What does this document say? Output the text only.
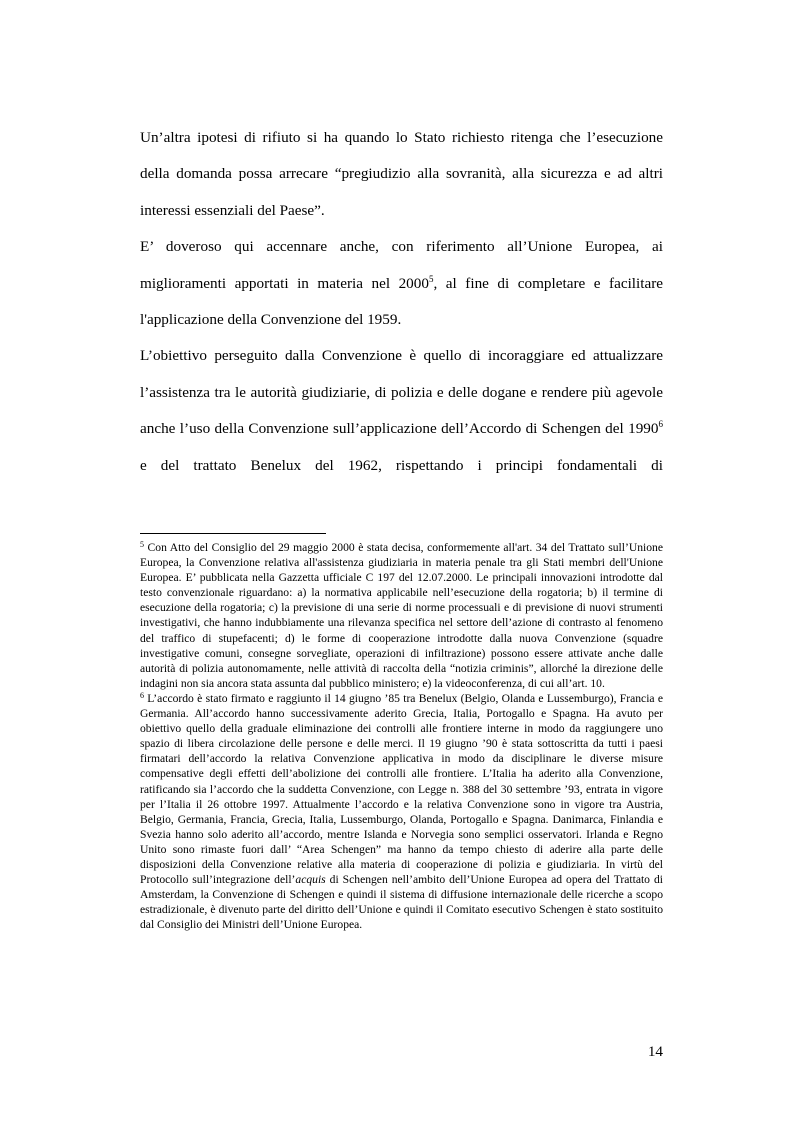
Un’altra ipotesi di rifiuto si ha quando lo Stato richiesto ritenga che l’esecuzione della domanda possa arrecare “pregiudizio alla sovranità, alla sicurezza e ad altri interessi essenziali del Paese”.

E’ doveroso qui accennare anche, con riferimento all’Unione Europea, ai miglioramenti apportati in materia nel 2000$^5$, al fine di completare e facilitare l'applicazione della Convenzione del 1959.

L’obiettivo perseguito dalla Convenzione è quello di incoraggiare ed attualizzare l’assistenza tra le autorità giudiziarie, di polizia e delle dogane e rendere più agevole anche l’uso della Convenzione sull’applicazione dell’Accordo di Schengen del 1990$^6$ e del trattato Benelux del 1962, rispettando i principi fondamentali di

$^5$ Con Atto del Consiglio del 29 maggio 2000 è stata decisa, conformemente all'art. 34 del Trattato sull’Unione Europea, la Convenzione relativa all'assistenza giudiziaria in materia penale tra gli Stati membri dell'Unione Europea. E’ pubblicata nella Gazzetta ufficiale C 197 del 12.07.2000. Le principali innovazioni introdotte dal testo convenzionale riguardano: a) la normativa applicabile nell’esecuzione della rogatoria; b) il termine di esecuzione della rogatoria; c) la previsione di una serie di norme processuali e di previsione di nuovi strumenti investigativi, che hanno indubbiamente una rilevanza specifica nel settore dell’azione di contrasto al fenomeno del traffico di stupefacenti; d) le forme di cooperazione introdotte dalla nuova Convenzione (squadre investigative comuni, consegne sorvegliate, operazioni di infiltrazione) possono essere attivate anche dalle autorità di polizia autonomamente, nelle attività di raccolta della “notizia criminis”, allorché la direzione delle indagini non sia ancora stata assunta dal pubblico ministero; e) la videoconferenza, di cui all’art. 10.

$^6$ L’accordo è stato firmato e raggiunto il 14 giugno ’85 tra Benelux (Belgio, Olanda e Lussemburgo), Francia e Germania. All’accordo hanno successivamente aderito Grecia, Italia, Portogallo e Spagna. Ha avuto per obiettivo quello della graduale eliminazione dei controlli alle frontiere interne in modo da raggiungere uno spazio di libera circolazione delle persone e delle merci. Il 19 giugno ’90 è stata sottoscritta da tutti i paesi firmatari dell’accordo la relativa Convenzione applicativa in modo da disciplinare le diverse misure compensative degli effetti dell’abolizione dei controlli alle frontiere. L’Italia ha aderito alla Convenzione, ratificando sia l’accordo che la suddetta Convenzione, con Legge n. 388 del 30 settembre ’93, entrata in vigore per l’Italia il 26 ottobre 1997. Attualmente l’accordo e la relativa Convenzione sono in vigore tra Austria, Belgio, Germania, Francia, Grecia, Italia, Lussemburgo, Olanda, Portogallo e Spagna. Danimarca, Finlandia e Svezia hanno solo aderito all’accordo, mentre Islanda e Norvegia sono semplici osservatori. Irlanda e Regno Unito sono rimaste fuori dall’ “Area Schengen” ma hanno da tempo chiesto di aderire alla parte delle disposizioni della Convenzione relative alla materia di cooperazione di polizia e giudiziaria. In virtù del Protocollo sull’integrazione dell’acquis di Schengen nell’ambito dell’Unione Europea ad opera del Trattato di Amsterdam, la Convenzione di Schengen e quindi il sistema di diffusione internazionale delle ricerche a scopo estradizionale, è divenuto parte del diritto dell’Unione e quindi il Comitato esecutivo Schengen è stato sostituito dal Consiglio dei Ministri dell’Unione Europea.

14
